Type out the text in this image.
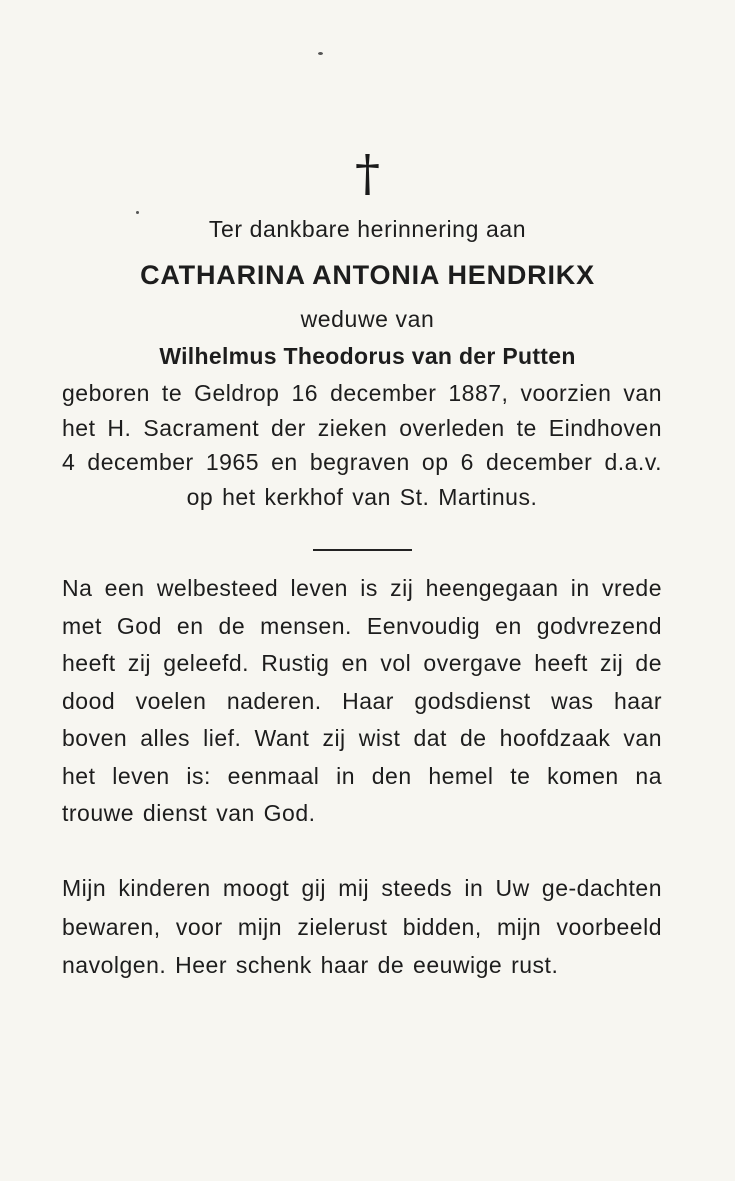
†
Ter dankbare herinnering aan
CATHARINA ANTONIA HENDRIKX
weduwe van
Wilhelmus Theodorus van der Putten
geboren te Geldrop 16 december 1887, voorzien van het H. Sacrament der zieken overleden te Eindhoven 4 december 1965 en begraven op 6 december d.a.v. op het kerkhof van St. Martinus.
Na een welbesteed leven is zij heengegaan in vrede met God en de mensen. Eenvoudig en godvrezend heeft zij geleefd. Rustig en vol overgave heeft zij de dood voelen naderen. Haar godsdienst was haar boven alles lief. Want zij wist dat de hoofdzaak van het leven is: eenmaal in den hemel te komen na trouwe dienst van God.
Mijn kinderen moogt gij mij steeds in Uw ge-dachten bewaren, voor mijn zielerust bidden, mijn voorbeeld navolgen. Heer schenk haar de eeuwige rust.
